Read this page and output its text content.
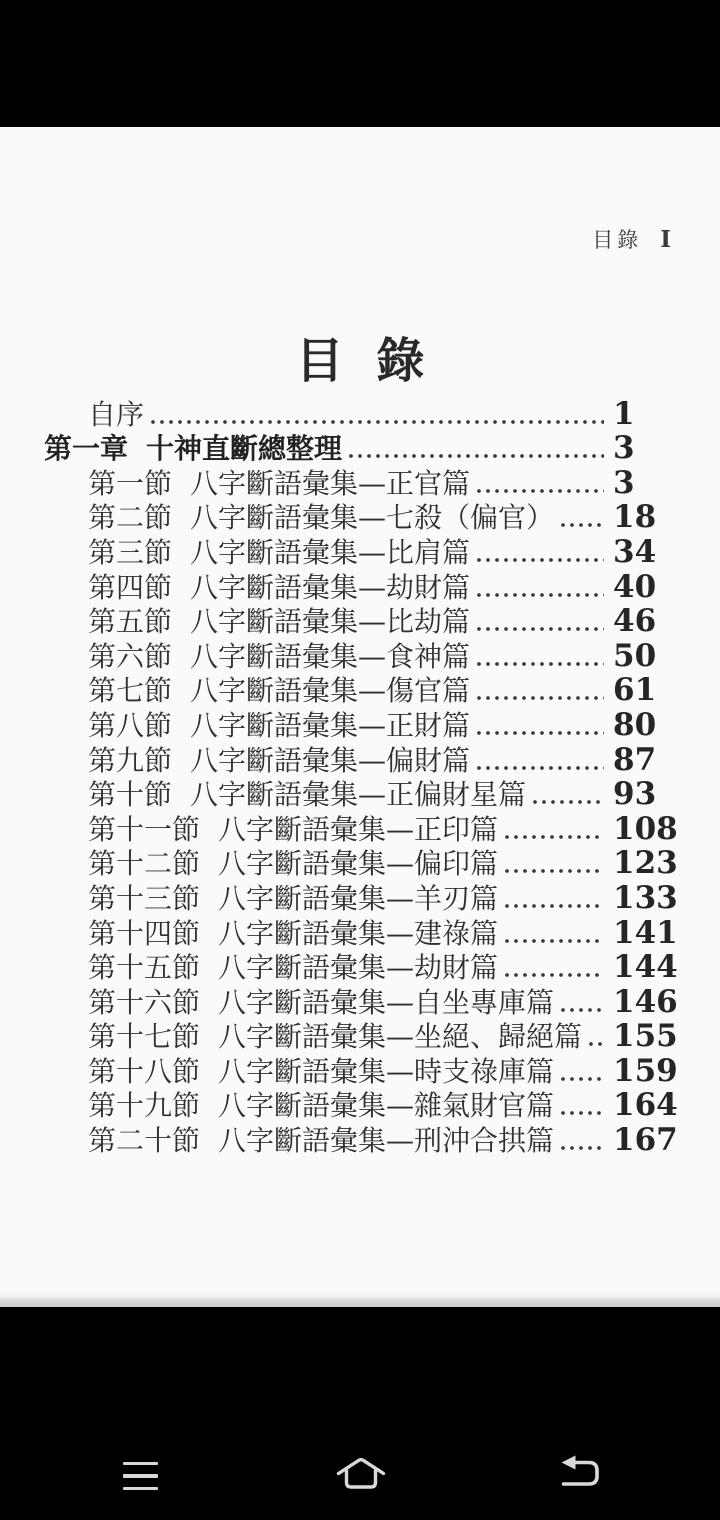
目錄 I
目 錄
自序	1
第一章 十神直斷總整理	3
第一節 八字斷語彙集—正官篇	3
第二節 八字斷語彙集—七殺（偏官） 18
第三節 八字斷語彙集—比肩篇	34
第四節 八字斷語彙集—劫財篇	40
第五節 八字斷語彙集—比劫篇	46
第六節 八字斷語彙集—食神篇	50
第七節 八字斷語彙集—傷官篇	61
第八節 八字斷語彙集—正財篇	80
第九節 八字斷語彙集—偏財篇	87
第十節 八字斷語彙集—正偏財星篇	93
第十一節 八字斷語彙集—正印篇	108
第十二節 八字斷語彙集—偏印篇	123
第十三節 八字斷語彙集—羊刃篇	133
第十四節 八字斷語彙集—建祿篇	141
第十五節 八字斷語彙集—劫財篇	144
第十六節 八字斷語彙集—自坐專庫篇 146
第十七節 八字斷語彙集—坐絕、歸絕篇 155
第十八節 八字斷語彙集—時支祿庫篇 159
第十九節 八字斷語彙集—雜氣財官篇 164
第二十節 八字斷語彙集—刑沖合拱篇 167
